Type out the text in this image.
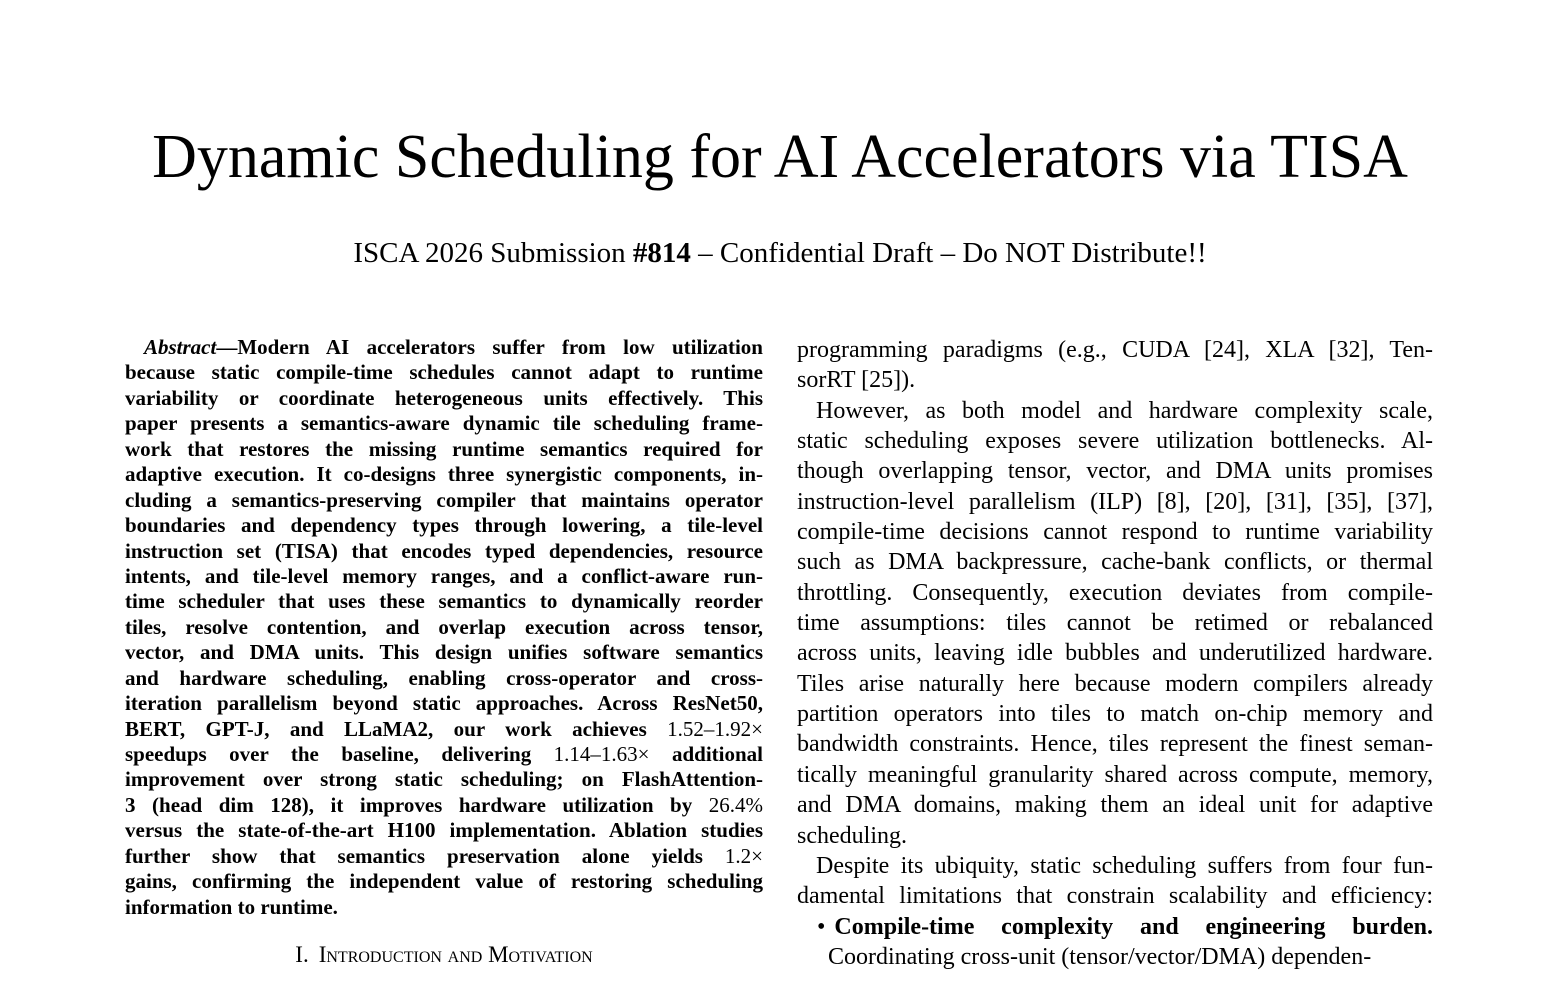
Dynamic Scheduling for AI Accelerators via TISA
ISCA 2026 Submission #814 – Confidential Draft – Do NOT Distribute!!
Abstract—Modern AI accelerators suffer from low utilization
because static compile-time schedules cannot adapt to runtime
variability or coordinate heterogeneous units effectively. This
paper presents a semantics-aware dynamic tile scheduling frame-
work that restores the missing runtime semantics required for
adaptive execution. It co-designs three synergistic components, in-
cluding a semantics-preserving compiler that maintains operator
boundaries and dependency types through lowering, a tile-level
instruction set (TISA) that encodes typed dependencies, resource
intents, and tile-level memory ranges, and a conflict-aware run-
time scheduler that uses these semantics to dynamically reorder
tiles, resolve contention, and overlap execution across tensor,
vector, and DMA units. This design unifies software semantics
and hardware scheduling, enabling cross-operator and cross-
iteration parallelism beyond static approaches. Across ResNet50,
BERT, GPT-J, and LLaMA2, our work achieves 1.52–1.92×
speedups over the baseline, delivering 1.14–1.63× additional
improvement over strong static scheduling; on FlashAttention-
3 (head dim 128), it improves hardware utilization by 26.4%
versus the state-of-the-art H100 implementation. Ablation studies
further show that semantics preservation alone yields 1.2×
gains, confirming the independent value of restoring scheduling
information to runtime.
I. Introduction and Motivation
programming paradigms (e.g., CUDA [24], XLA [32], Ten-
sorRT [25]).
However, as both model and hardware complexity scale,
static scheduling exposes severe utilization bottlenecks. Al-
though overlapping tensor, vector, and DMA units promises
instruction-level parallelism (ILP) [8], [20], [31], [35], [37],
compile-time decisions cannot respond to runtime variability
such as DMA backpressure, cache-bank conflicts, or thermal
throttling. Consequently, execution deviates from compile-
time assumptions: tiles cannot be retimed or rebalanced
across units, leaving idle bubbles and underutilized hardware.
Tiles arise naturally here because modern compilers already
partition operators into tiles to match on-chip memory and
bandwidth constraints. Hence, tiles represent the finest seman-
tically meaningful granularity shared across compute, memory,
and DMA domains, making them an ideal unit for adaptive
scheduling.
Despite its ubiquity, static scheduling suffers from four fun-
damental limitations that constrain scalability and efficiency:
• Compile-time complexity and engineering burden.
Coordinating cross-unit (tensor/vector/DMA) dependen-
